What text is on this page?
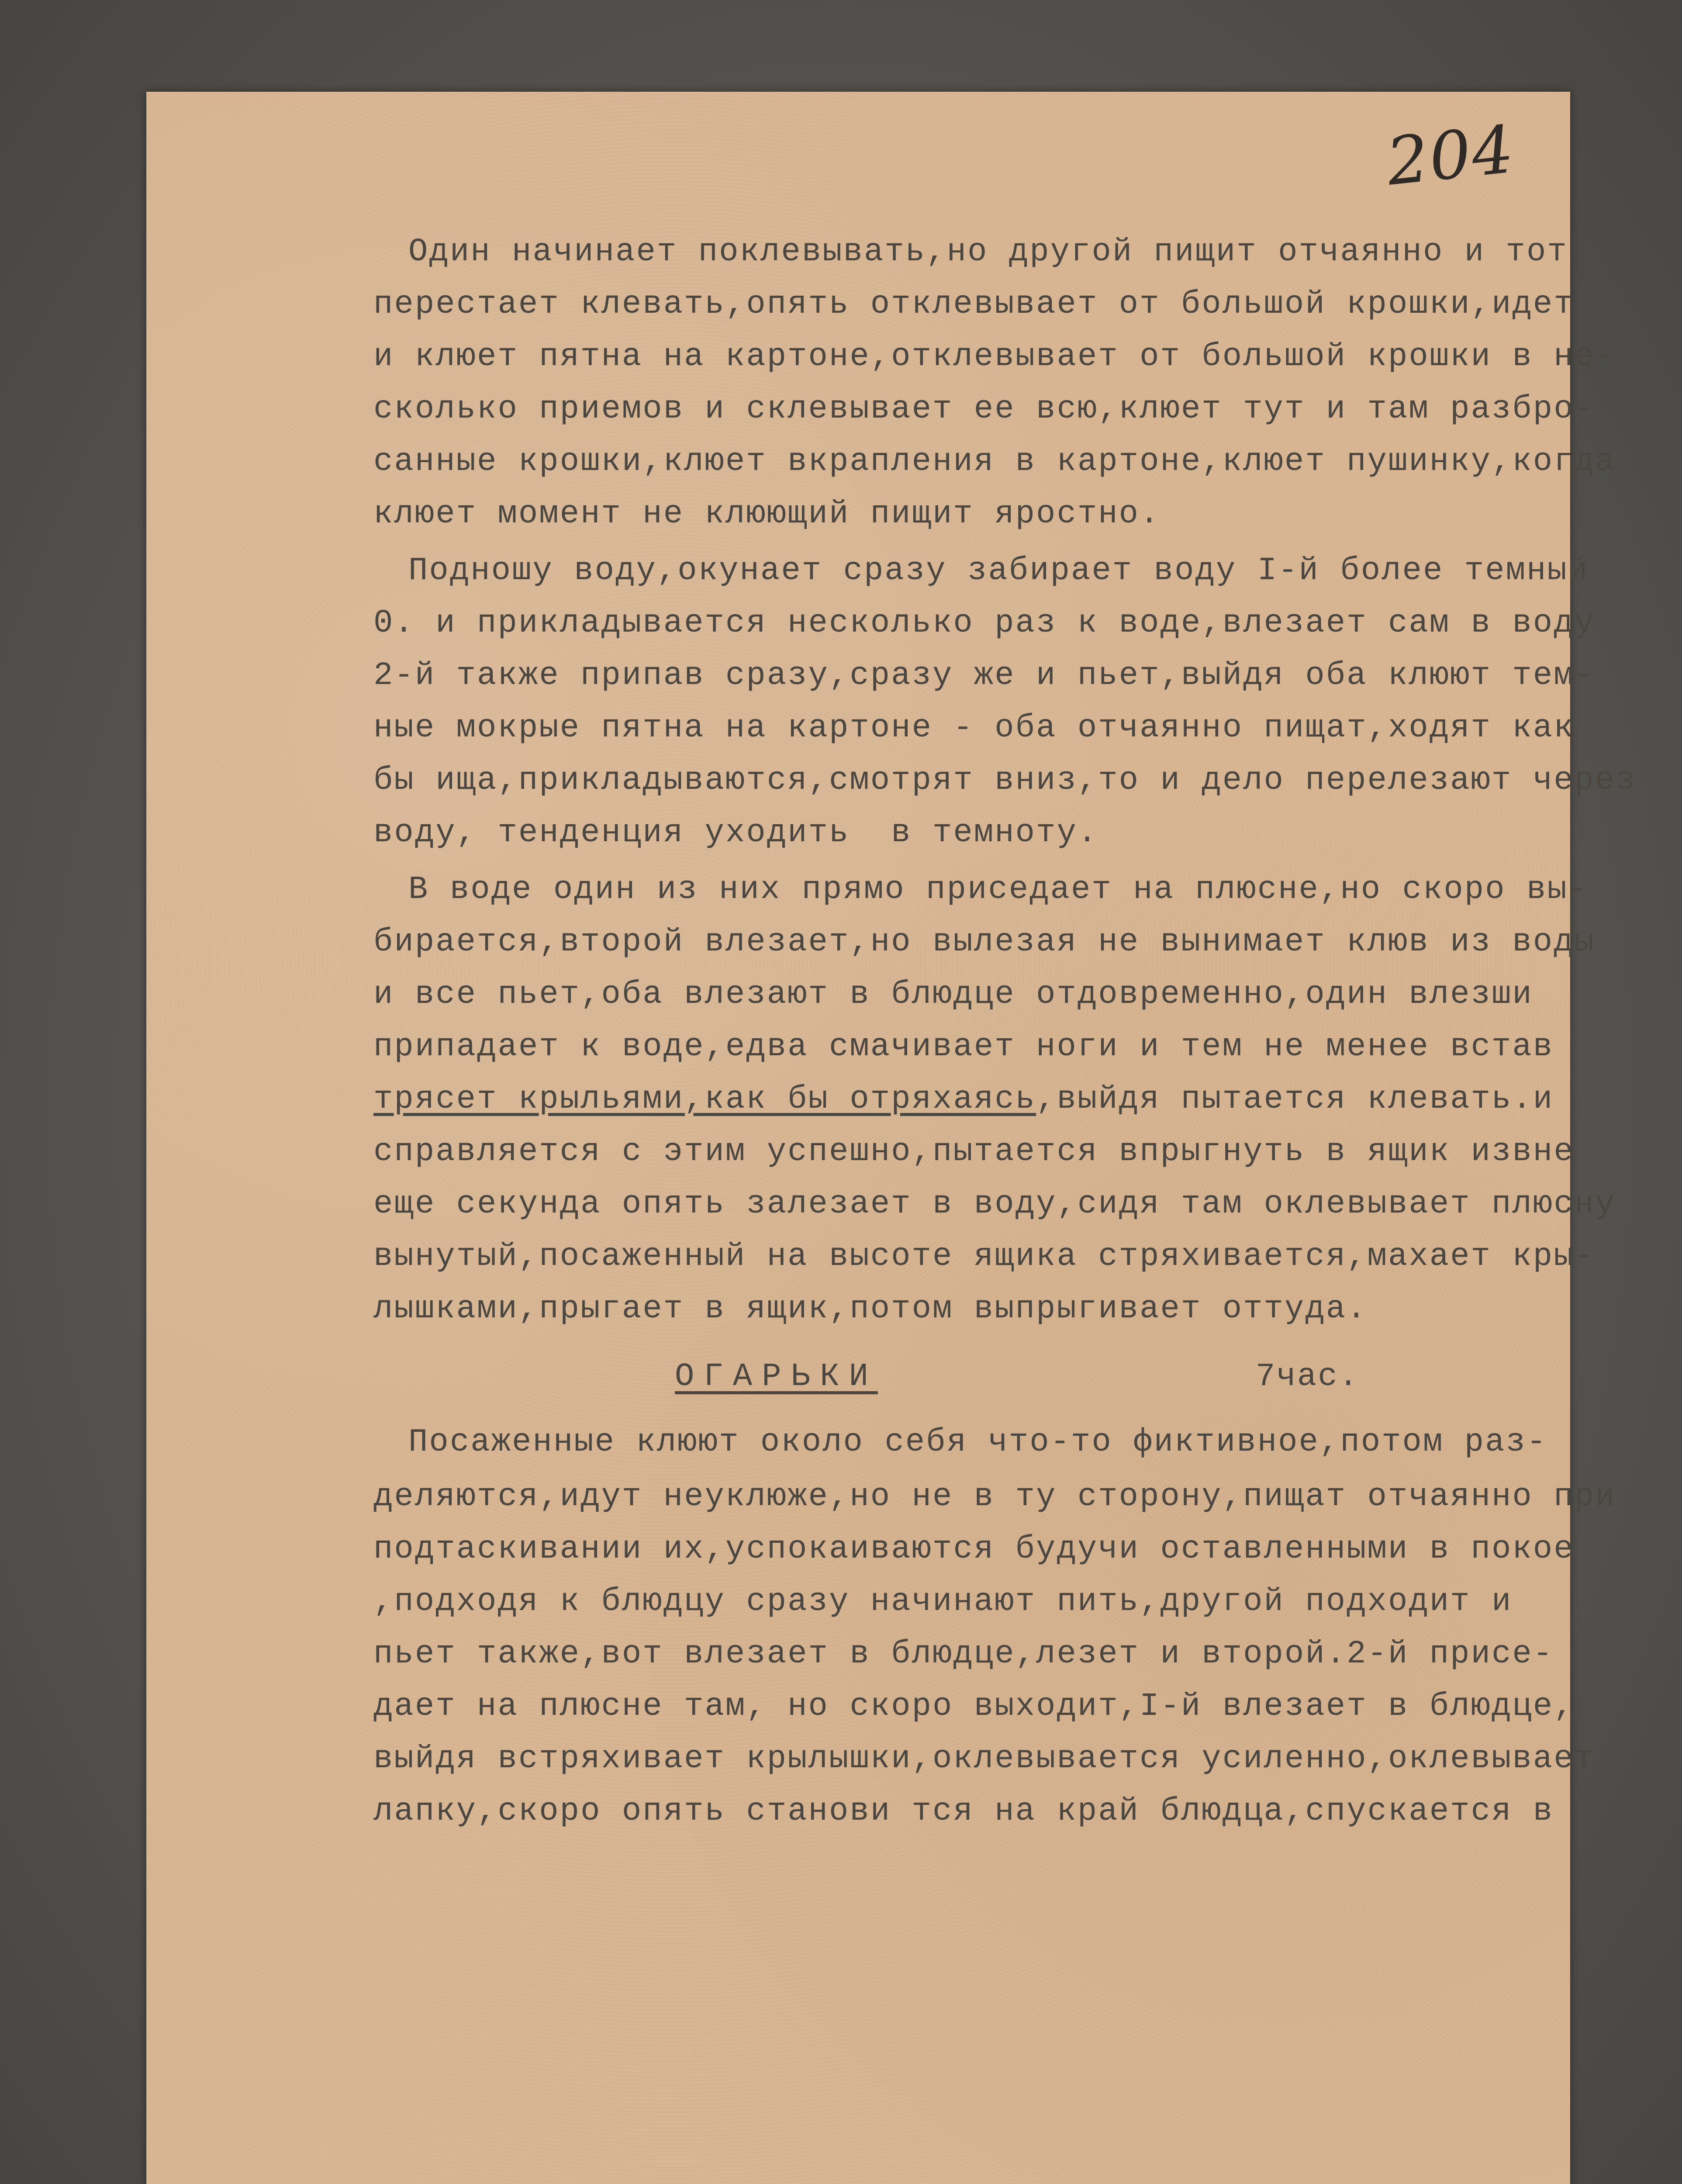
204
Один начинает поклевывать,но другой пищит отчаянно и тот
перестает клевать,опять отклевывает от большой крошки,идет
и клюет пятна на картоне,отклевывает от большой крошки в не-
сколько приемов и склевывает ее всю,клюет тут и там разбро-
санные крошки,клюет вкрапления в картоне,клюет пушинку,когда
клюет момент не клюющий пищит яростно.
Подношу воду,окунает сразу забирает воду I-й более темный
0. и прикладывается несколько раз к воде,влезает сам в воду
2-й также припав сразу,сразу же и пьет,выйдя оба клюют тем-
ные мокрые пятна на картоне - оба отчаянно пищат,ходят как
бы ища,прикладываются,смотрят вниз,то и дело перелезают через
воду, тенденция уходить  в темноту.
В воде один из них прямо приседает на плюсне,но скоро вы-
бирается,второй влезает,но вылезая не вынимает клюв из воды
и все пьет,оба влезают в блюдце отдовременно,один влезши
припадает к воде,едва смачивает ноги и тем не менее встав
трясет крыльями,как бы отряхаясь,выйдя пытается клевать.и
справляется с этим успешно,пытается впрыгнуть в ящик извне
еще секунда опять залезает в воду,сидя там оклевывает плюсну
вынутый,посаженный на высоте ящика стряхивается,махает кры-
лышками,прыгает в ящик,потом выпрыгивает оттуда.
ОГАРЬКИ	7час.
Посаженные клюют около себя что-то фиктивное,потом раз-
деляются,идут неуклюже,но не в ту сторону,пищат отчаянно при
подтаскивании их,успокаиваются будучи оставленными в покое
,подходя к блюдцу сразу начинают пить,другой подходит и
пьет также,вот влезает в блюдце,лезет и второй.2-й присе-
дает на плюсне там, но скоро выходит,I-й влезает в блюдце,
выйдя встряхивает крылышки,оклевывается усиленно,оклевывает
лапку,скоро опять станови тся на край блюдца,спускается в
